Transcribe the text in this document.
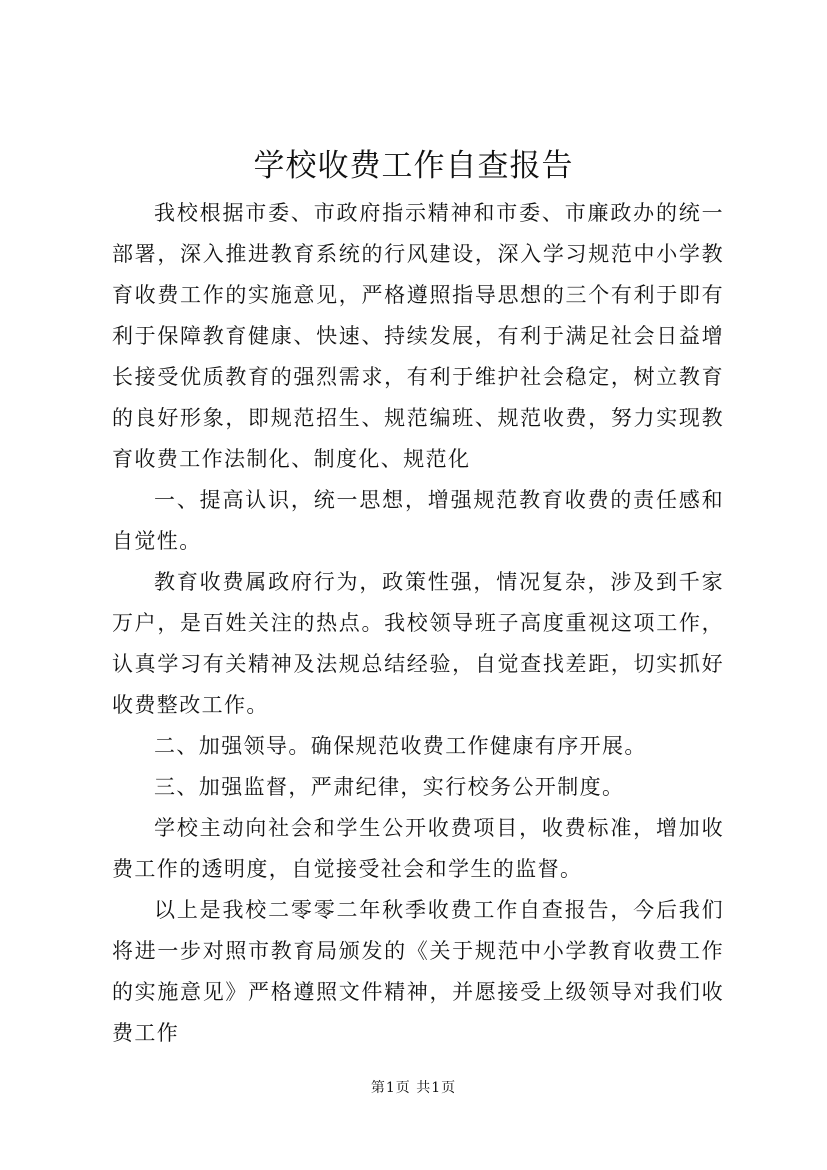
学校收费工作自查报告

我校根据市委、市政府指示精神和市委、市廉政办的统一部署，深入推进教育系统的行风建设，深入学习规范中小学教育收费工作的实施意见，严格遵照指导思想的三个有利于即有利于保障教育健康、快速、持续发展，有利于满足社会日益增长接受优质教育的强烈需求，有利于维护社会稳定，树立教育的良好形象，即规范招生、规范编班、规范收费，努力实现教育收费工作法制化、制度化、规范化

一、提高认识，统一思想，增强规范教育收费的责任感和自觉性。

教育收费属政府行为，政策性强，情况复杂，涉及到千家万户，是百姓关注的热点。我校领导班子高度重视这项工作，认真学习有关精神及法规总结经验，自觉查找差距，切实抓好收费整改工作。

二、加强领导。确保规范收费工作健康有序开展。

三、加强监督，严肃纪律，实行校务公开制度。

学校主动向社会和学生公开收费项目，收费标准，增加收费工作的透明度，自觉接受社会和学生的监督。

以上是我校二零零二年秋季收费工作自查报告，今后我们将进一步对照市教育局颁发的《关于规范中小学教育收费工作的实施意见》严格遵照文件精神，并愿接受上级领导对我们收费工作

第1页 共1页
